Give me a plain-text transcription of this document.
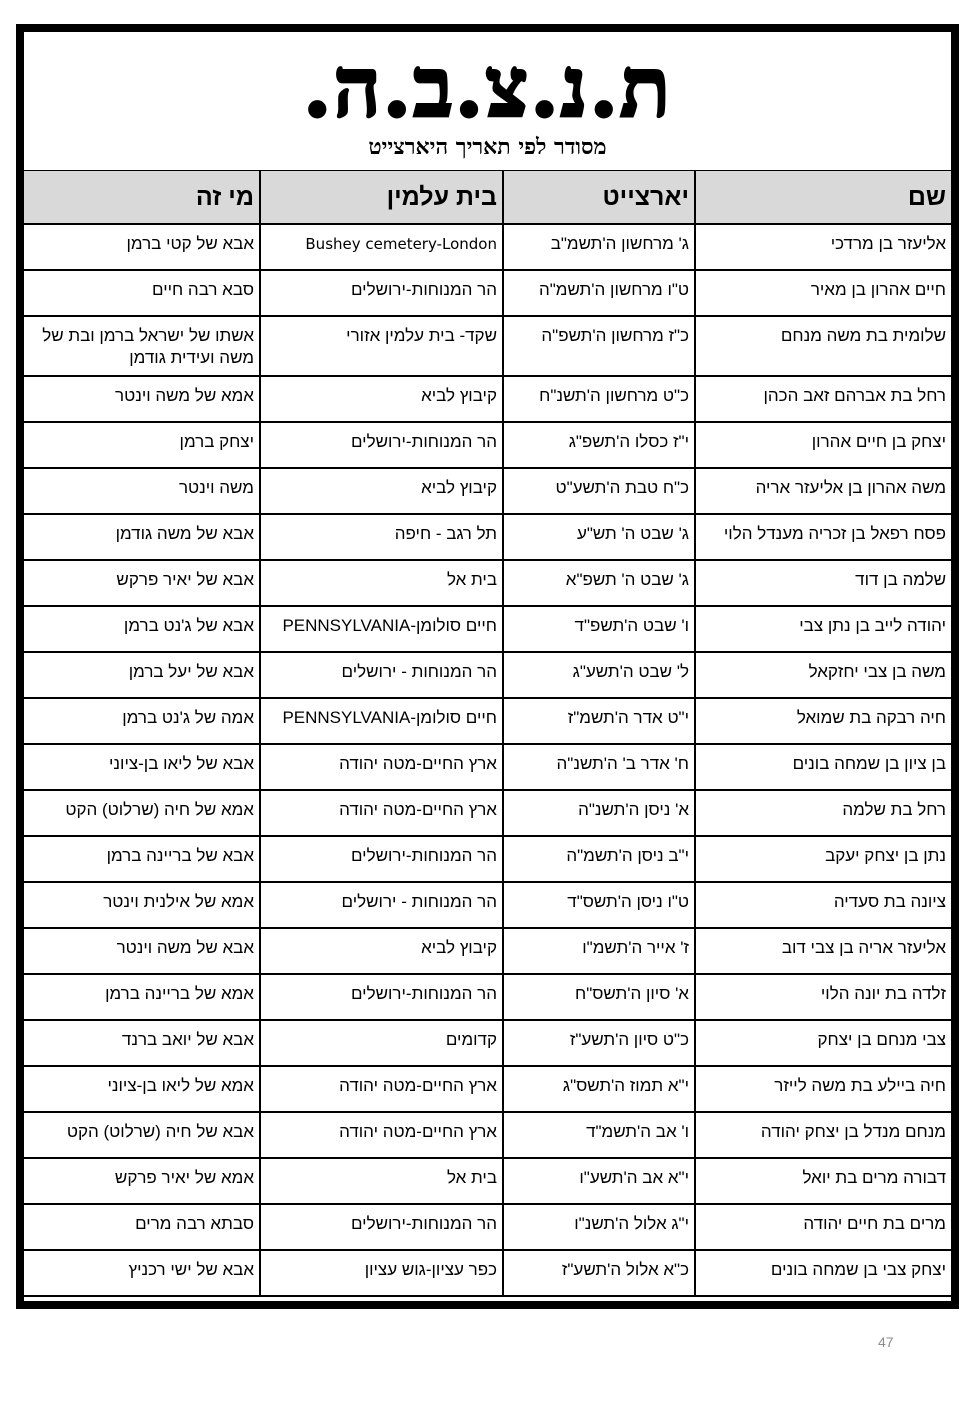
ת.נ.צ.ב.ה.
מסודר לפי תאריך היארצייט
שם	יארצייט	בית עלמין	מי זה
אליעזר בן מרדכי	ג' מרחשון ה'תשמ"ב	Bushey cemetery-London	אבא של קטי ברמן
חיים אהרון בן מאיר	ט"ו מרחשון ה'תשמ"ה	הר המנוחות-ירושלים	סבא רבה חיים
שלומית בת משה מנחם	כ"ז מרחשון ה'תשפ"ה	שקד- בית עלמין אזורי	אשתו של ישראל ברמן ובת של משה ועידית גודמן
רחל בת אברהם זאב הכהן	כ"ט מרחשון ה'תשנ"ח	קיבוץ לביא	אמא של משה וינטר
יצחק בן חיים אהרון	י"ז כסלו ה'תשפ"ג	הר המנוחות-ירושלים	יצחק ברמן
משה אהרון בן אליעזר אריה	כ"ח טבת ה'תשע"ט	קיבוץ לביא	משה וינטר
פסח רפאל בן זכריה מענדל הלוי	ג' שבט ה' תש"ע	תל רגב - חיפה	אבא של משה גודמן
שלמה בן דוד	ג' שבט ה' תשפ"א	בית אל	אבא של יאיר פרקש
יהודה לייב בן נתן צבי	ו' שבט ה'תשפ"ד	חיים סולומן-PENNSYLVANIA	אבא של ג'נט ברמן
משה בן צבי יחזקאל	ל' שבט ה'תשע"ג	הר המנוחות - ירושלים	אבא של יעל ברמן
חיה רבקה בת שמואל	י"ט אדר ה'תשמ"ז	חיים סולומן-PENNSYLVANIA	אמה של ג'נט ברמן
בן ציון בן שמחה בונים	ח' אדר ב' ה'תשנ"ה	ארץ החיים-מטה יהודה	אבא של ליאו בן-ציוני
רחל בת שלמה	א' ניסן ה'תשנ"ה	ארץ החיים-מטה יהודה	אמא של חיה (שרלוט) הקט
נתן בן יצחק יעקב	י"ב ניסן ה'תשמ"ה	הר המנוחות-ירושלים	אבא של בריינה ברמן
ציונה בת סעדיה	ט"ו ניסן ה'תשס"ד	הר המנוחות - ירושלים	אמא של אילנית וינטר
אליעזר אריה בן צבי דוב	ז' אייר ה'תשמ"ו	קיבוץ לביא	אבא של משה וינטר
זלדה בת יונה הלוי	א' סיון ה'תשס"ח	הר המנוחות-ירושלים	אמא של בריינה ברמן
צבי מנחם בן יצחק	כ"ט סיון ה'תשע"ז	קדומים	אבא של יואב ברנד
חיה ביילע בת משה לייזר	י"א תמוז ה'תשס"ג	ארץ החיים-מטה יהודה	אמא של ליאו בן-ציוני
מנחם מנדל בן יצחק יהודה	ו' אב ה'תשמ"ד	ארץ החיים-מטה יהודה	אבא של חיה (שרלוט) הקט
דבורה מרים בת יואל	י"א אב ה'תשע"ו	בית אל	אמא של יאיר פרקש
מרים בת חיים יהודה	י"ג אלול ה'תשנ"ו	הר המנוחות-ירושלים	סבתא רבה מרים
יצחק צבי בן שמחה בונים	כ"א אלול ה'תשע"ז	כפר עציון-גוש עציון	אבא של ישי רכניץ
47
